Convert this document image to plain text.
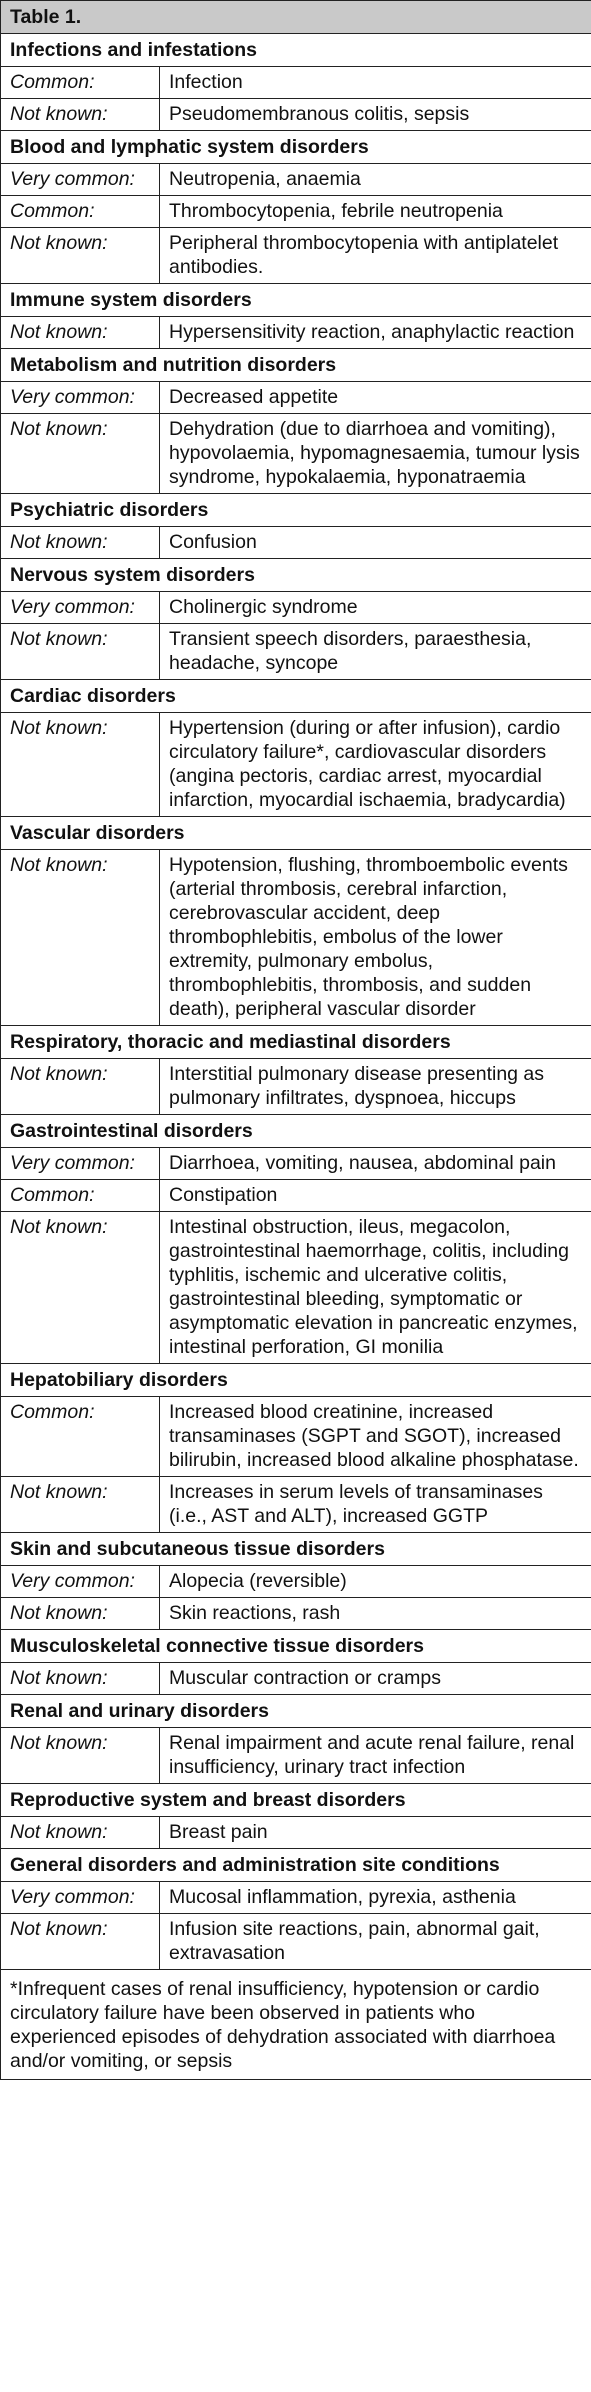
Table 1.	
Infections and infestations	
Common:	Infection
Not known:	Pseudomembranous colitis, sepsis
Blood and lymphatic system disorders	
Very common:	Neutropenia, anaemia
Common:	Thrombocytopenia, febrile neutropenia
Not known:	Peripheral thrombocytopenia with antiplatelet antibodies.
Immune system disorders	
Not known:	Hypersensitivity reaction, anaphylactic reaction
Metabolism and nutrition disorders	
Very common:	Decreased appetite
Not known:	Dehydration (due to diarrhoea and vomiting), hypovolaemia, hypomagnesaemia, tumour lysis syndrome, hypokalaemia, hyponatraemia
Psychiatric disorders	
Not known:	Confusion
Nervous system disorders	
Very common:	Cholinergic syndrome
Not known:	Transient speech disorders, paraesthesia, headache, syncope
Cardiac disorders	
Not known:	Hypertension (during or after infusion), cardio circulatory failure*, cardiovascular disorders (angina pectoris, cardiac arrest, myocardial infarction, myocardial ischaemia, bradycardia)
Vascular disorders	
Not known:	Hypotension, flushing, thromboembolic events (arterial thrombosis, cerebral infarction, cerebrovascular accident, deep thrombophlebitis, embolus of the lower extremity, pulmonary embolus, thrombophlebitis, thrombosis, and sudden death), peripheral vascular disorder
Respiratory, thoracic and mediastinal disorders	
Not known:	Interstitial pulmonary disease presenting as pulmonary infiltrates, dyspnoea, hiccups
Gastrointestinal disorders	
Very common:	Diarrhoea, vomiting, nausea, abdominal pain
Common:	Constipation
Not known:	Intestinal obstruction, ileus, megacolon, gastrointestinal haemorrhage, colitis, including typhlitis, ischemic and ulcerative colitis, gastrointestinal bleeding, symptomatic or asymptomatic elevation in pancreatic enzymes, intestinal perforation, GI monilia
Hepatobiliary disorders	
Common:	Increased blood creatinine, increased transaminases (SGPT and SGOT), increased bilirubin, increased blood alkaline phosphatase.
Not known:	Increases in serum levels of transaminases (i.e., AST and ALT), increased GGTP
Skin and subcutaneous tissue disorders	
Very common:	Alopecia (reversible)
Not known:	Skin reactions, rash
Musculoskeletal connective tissue disorders	
Not known:	Muscular contraction or cramps
Renal and urinary disorders	
Not known:	Renal impairment and acute renal failure, renal insufficiency, urinary tract infection
Reproductive system and breast disorders	
Not known:	Breast pain
General disorders and administration site conditions	
Very common:	Mucosal inflammation, pyrexia, asthenia
Not known:	Infusion site reactions, pain, abnormal gait, extravasation
*Infrequent cases of renal insufficiency, hypotension or cardio circulatory failure have been observed in patients who experienced episodes of dehydration associated with diarrhoea and/or vomiting, or sepsis	
